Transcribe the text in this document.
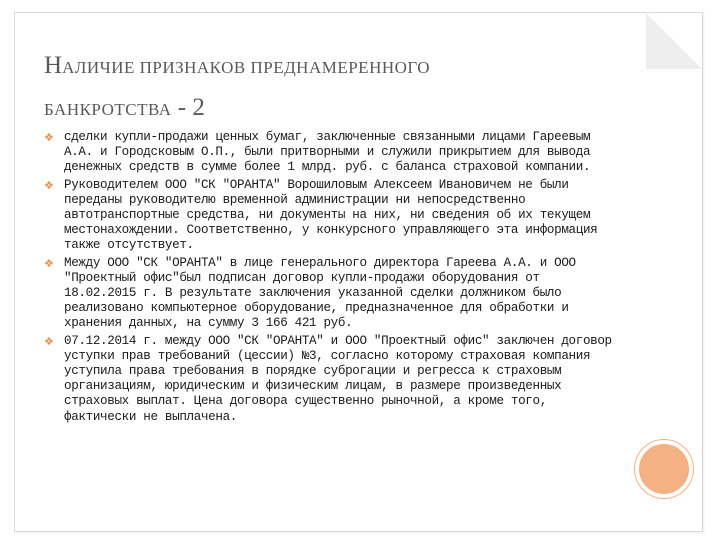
НАЛИЧИЕ ПРИЗНАКОВ ПРЕДНАМЕРЕННОГО
БАНКРОТСТВА - 2
❖ сделки купли-продажи ценных бумаг, заключенные связанными лицами Гареевым А.А. и Городсковым О.П., были притворными и служили прикрытием для вывода денежных средств в сумме более 1 млрд. руб. с баланса страховой компании.
❖ Руководителем ООО "СК "ОРАНТА" Ворошиловым Алексеем Ивановичем не были переданы руководителю временной администрации ни непосредственно автотранспортные средства, ни документы на них, ни сведения об их текущем местонахождении. Соответственно, у конкурсного управляющего эта информация также отсутствует.
❖ Между ООО "СК "ОРАНТА" в лице генерального директора Гареева А.А. и ООО "Проектный офис"был подписан договор купли-продажи оборудования от 18.02.2015 г. В результате заключения указанной сделки должником было реализовано компьютерное оборудование, предназначенное для обработки и хранения данных, на сумму 3 166 421 руб.
❖ 07.12.2014 г. между ООО "СК "ОРАНТА" и ООО "Проектный офис" заключен договор уступки прав требований (цессии) №3, согласно которому страховая компания уступила права требования в порядке суброгации и регресса к страховым организациям, юридическим и физическим лицам, в размере произведенных страховых выплат. Цена договора существенно рыночной, а кроме того, фактически не выплачена.
